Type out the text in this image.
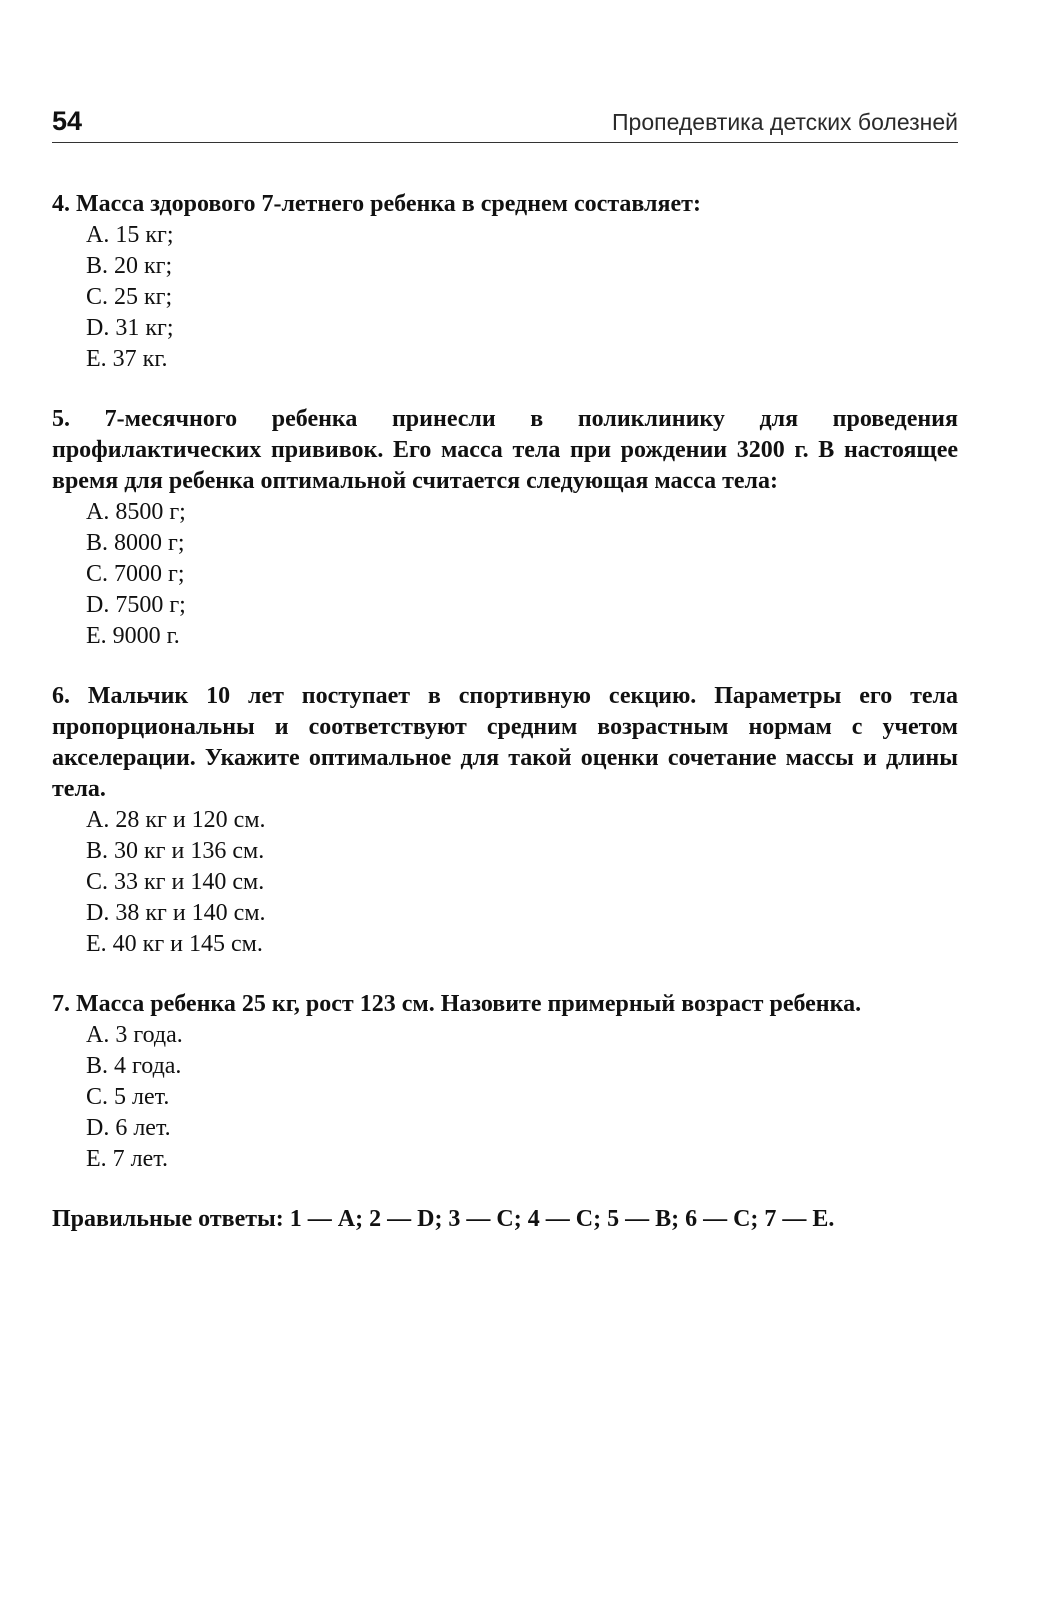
54	Пропедевтика детских болезней
4. Масса здорового 7-летнего ребенка в среднем составляет:
A. 15 кг;
B. 20 кг;
C. 25 кг;
D. 31 кг;
E. 37 кг.
5. 7-месячного ребенка принесли в поликлинику для проведения профилактических прививок. Его масса тела при рождении 3200 г. В настоящее время для ребенка оптимальной считается следующая масса тела:
A. 8500 г;
B. 8000 г;
C. 7000 г;
D. 7500 г;
E. 9000 г.
6. Мальчик 10 лет поступает в спортивную секцию. Параметры его тела пропорциональны и соответствуют средним возрастным нормам с учетом акселерации. Укажите оптимальное для такой оценки сочетание массы и длины тела.
A. 28 кг и 120 см.
B. 30 кг и 136 см.
C. 33 кг и 140 см.
D. 38 кг и 140 см.
E. 40 кг и 145 см.
7. Масса ребенка 25 кг, рост 123 см. Назовите примерный возраст ребенка.
A. 3 года.
B. 4 года.
C. 5 лет.
D. 6 лет.
E. 7 лет.
Правильные ответы: 1 — A; 2 — D; 3 — C; 4 — C; 5 — B; 6 — C; 7 — E.
